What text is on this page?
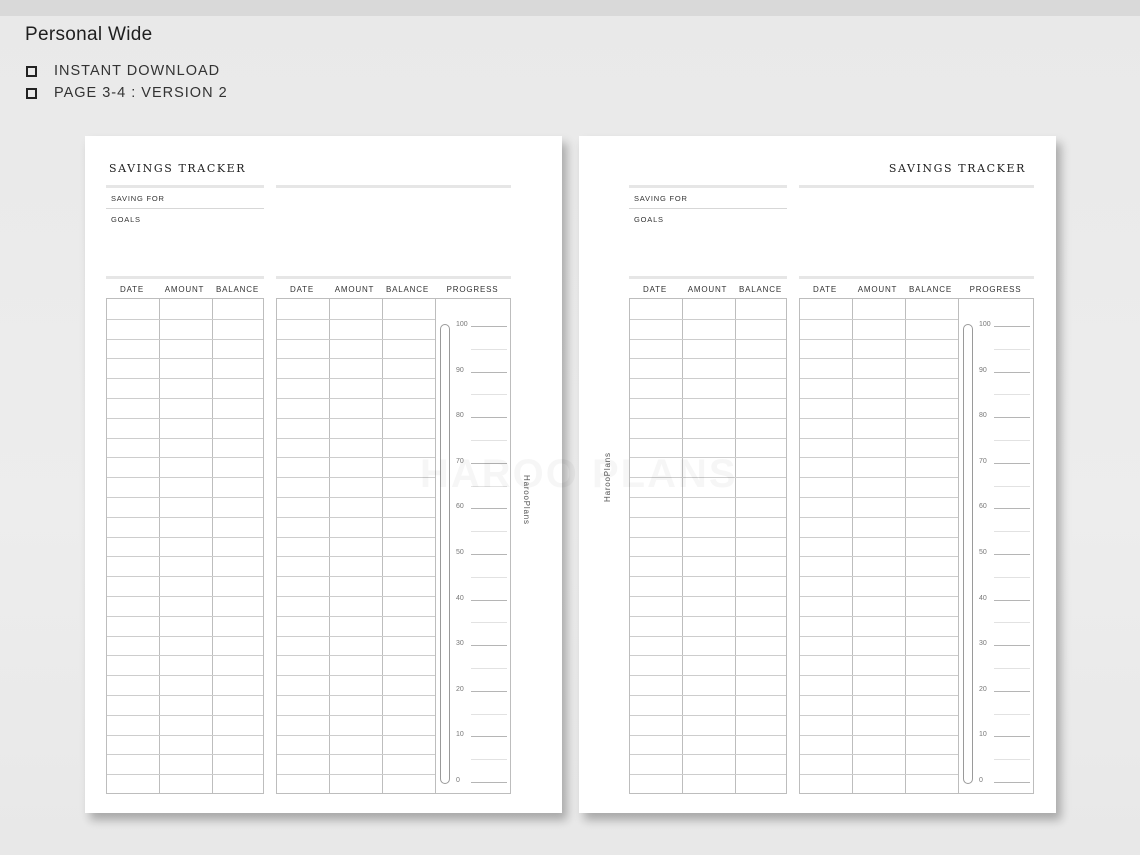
Personal Wide
INSTANT DOWNLOAD
PAGE 3-4 : VERSION 2
SAVINGS TRACKER
SAVING FOR
GOALS
DATE	AMOUNT	BALANCE	DATE	AMOUNT	BALANCE	PROGRESS
100
90
80
70
60
50
40
30
20
10
0
SAVINGS TRACKER
SAVING FOR
GOALS
DATE	AMOUNT	BALANCE	DATE	AMOUNT	BALANCE	PROGRESS
100
90
80
70
60
50
40
30
20
10
0
HarooPlans	HarooPlans
